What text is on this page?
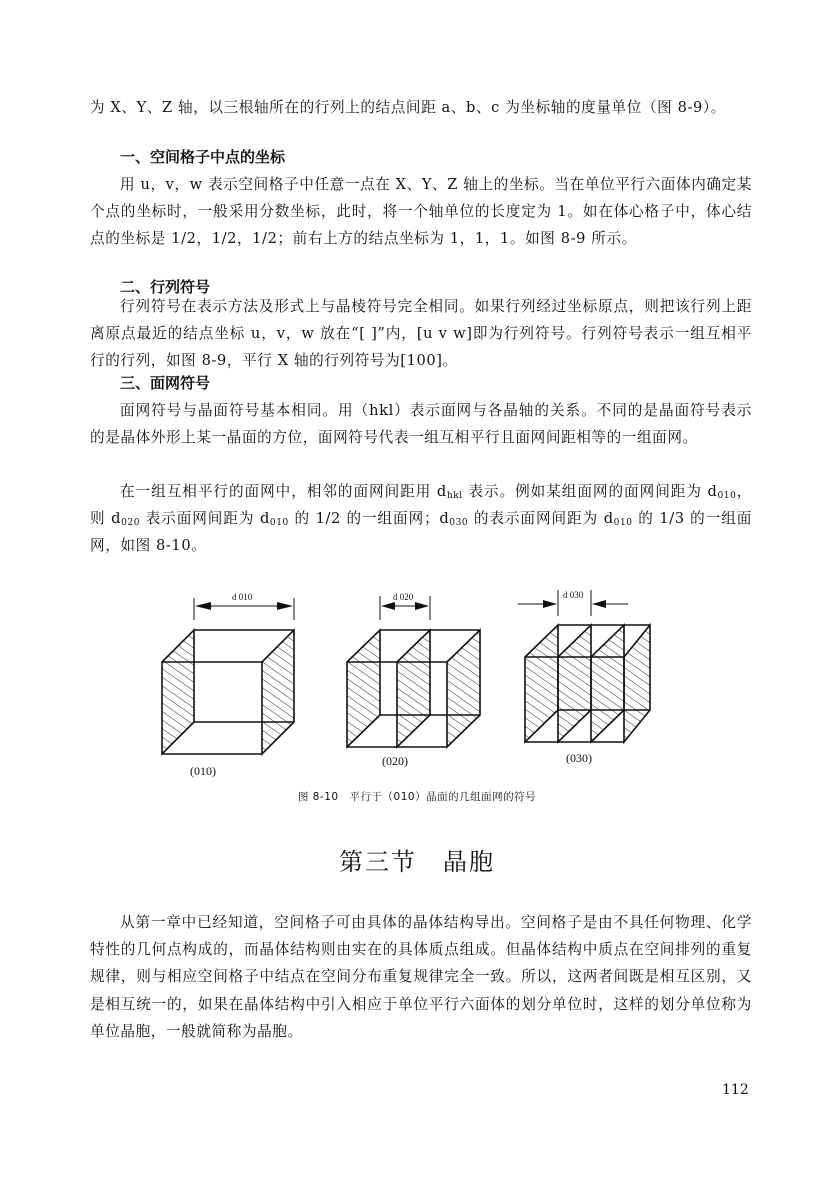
为 X、Y、Z 轴，以三根轴所在的行列上的结点间距 a、b、c 为坐标轴的度量单位（图 8-9）。

一、空间格子中点的坐标

用 u，v，w 表示空间格子中任意一点在 X、Y、Z 轴上的坐标。当在单位平行六面体内确定某个点的坐标时，一般采用分数坐标，此时，将一个轴单位的长度定为 1。如在体心格子中，体心结点的坐标是 1/2，1/2，1/2；前右上方的结点坐标为 1，1，1。如图 8-9 所示。

二、行列符号

行列符号在表示方法及形式上与晶棱符号完全相同。如果行列经过坐标原点，则把该行列上距离原点最近的结点坐标 u，v，w 放在“[ ]”内，[u v w]即为行列符号。行列符号表示一组互相平行的行列，如图 8-9，平行 X 轴的行列符号为[100]。

三、面网符号

面网符号与晶面符号基本相同。用（hkl）表示面网与各晶轴的关系。不同的是晶面符号表示的是晶体外形上某一晶面的方位，面网符号代表一组互相平行且面网间距相等的一组面网。

在一组互相平行的面网中，相邻的面网间距用 $d_{hkl}$ 表示。例如某组面网的面网间距为 $d_{010}$，则 $d_{020}$ 表示面网间距为 $d_{010}$ 的 1/2 的一组面网；$d_{030}$ 的表示面网间距为 $d_{010}$ 的 1/3 的一组面网，如图 8-10。

d 010
(010)
d 020
(020)
d 030
(030)
图 8-10　平行于（010）晶面的几组面网的符号
第三节　晶胞

从第一章中已经知道，空间格子可由具体的晶体结构导出。空间格子是由不具任何物理、化学特性的几何点构成的，而晶体结构则由实在的具体质点组成。但晶体结构中质点在空间排列的重复规律，则与相应空间格子中结点在空间分布重复规律完全一致。所以，这两者间既是相互区别，又是相互统一的，如果在晶体结构中引入相应于单位平行六面体的划分单位时，这样的划分单位称为单位晶胞，一般就简称为晶胞。

112
